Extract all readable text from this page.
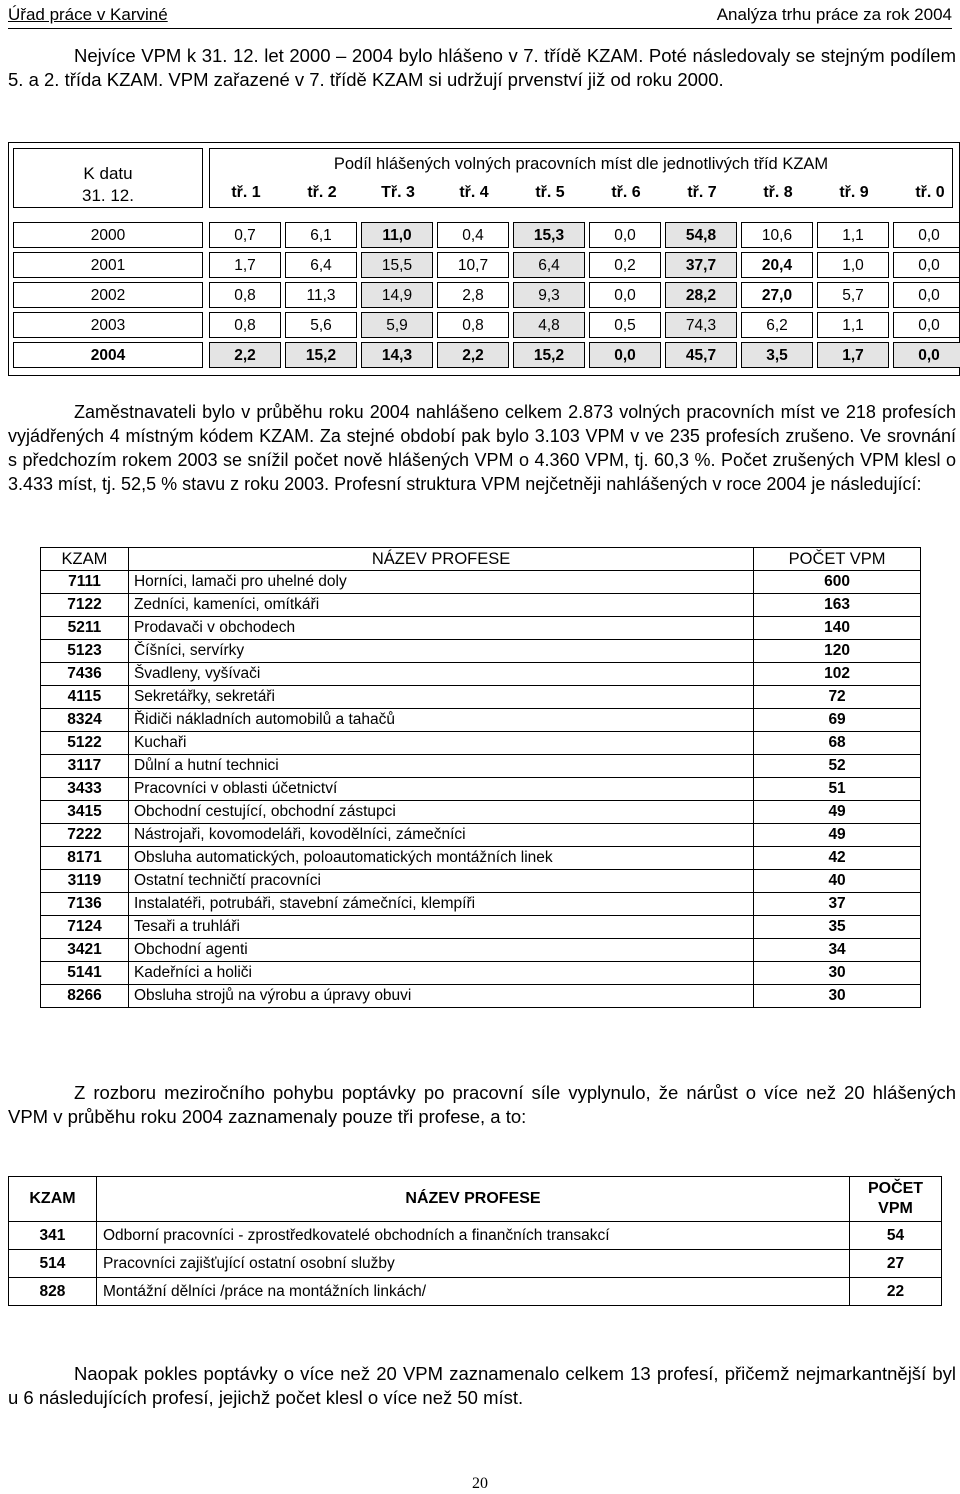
Úřad práce v Karviné	Analýza trhu práce za rok 2004

Nejvíce VPM k 31. 12. let 2000 – 2004 bylo hlášeno v 7. třídě KZAM. Poté následovaly se stejným podílem 5. a 2. třída KZAM. VPM zařazené v 7. třídě KZAM si udržují prvenství již od roku 2000.

K datu
31. 12.
Podíl hlášených volných pracovních míst dle jednotlivých tříd KZAM
tř. 1	tř. 2	Tř. 3	tř. 4	tř. 5	tř. 6	tř. 7	tř. 8	tř. 9	tř. 0
2000	0,7	6,1	11,0	0,4	15,3	0,0	54,8	10,6	1,1	0,0
2001	1,7	6,4	15,5	10,7	6,4	0,2	37,7	20,4	1,0	0,0
2002	0,8	11,3	14,9	2,8	9,3	0,0	28,2	27,0	5,7	0,0
2003	0,8	5,6	5,9	0,8	4,8	0,5	74,3	6,2	1,1	0,0
2004	2,2	15,2	14,3	2,2	15,2	0,0	45,7	3,5	1,7	0,0

Zaměstnavateli bylo v průběhu roku 2004 nahlášeno celkem 2.873 volných pracovních míst ve 218 profesích vyjádřených 4 místným kódem KZAM. Za stejné období pak bylo 3.103 VPM v ve 235 profesích zrušeno. Ve srovnání s předchozím rokem 2003 se snížil počet nově hlášených VPM o 4.360 VPM, tj. 60,3 %. Počet zrušených VPM klesl o 3.433 míst, tj. 52,5 % stavu z roku 2003. Profesní struktura VPM nejčetněji nahlášených v roce 2004 je následující:

KZAM	NÁZEV PROFESE	POČET VPM
7111	Horníci, lamači pro uhelné doly	600
7122	Zedníci, kameníci, omítkáři	163
5211	Prodavači v obchodech	140
5123	Číšníci, servírky	120
7436	Švadleny, vyšívači	102
4115	Sekretářky, sekretáři	72
8324	Řidiči nákladních automobilů a tahačů	69
5122	Kuchaři	68
3117	Důlní a hutní technici	52
3433	Pracovníci v oblasti účetnictví	51
3415	Obchodní cestující, obchodní zástupci	49
7222	Nástrojaři, kovomodeláři, kovodělníci, zámečníci	49
8171	Obsluha automatických, poloautomatických montážních linek	42
3119	Ostatní techničtí pracovníci	40
7136	Instalatéři, potrubáři, stavební zámečníci, klempíři	37
7124	Tesaři a truhláři	35
3421	Obchodní agenti	34
5141	Kadeřníci a holiči	30
8266	Obsluha strojů na výrobu a úpravy obuvi	30

Z rozboru meziročního pohybu poptávky po pracovní síle vyplynulo, že nárůst o více než 20 hlášených VPM v průběhu roku 2004 zaznamenaly pouze tři profese, a to:

KZAM	NÁZEV PROFESE	POČET VPM
341	Odborní pracovníci - zprostředkovatelé obchodních a finančních transakcí	54
514	Pracovníci zajišťující ostatní osobní služby	27
828	Montážní dělníci /práce na montážních linkách/	22

Naopak pokles poptávky o více než 20 VPM zaznamenalo celkem 13 profesí, přičemž nejmarkantnější byl u 6 následujících profesí, jejichž počet klesl o více než 50 míst.

20
